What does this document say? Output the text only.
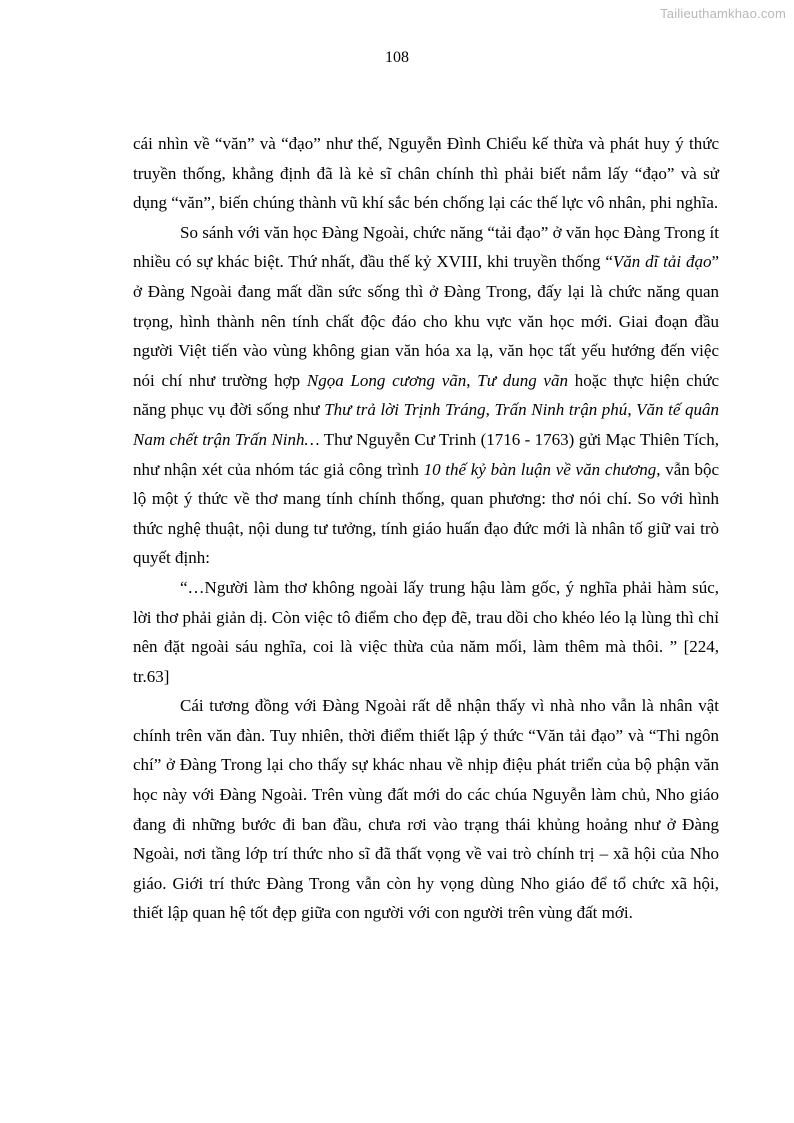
Tailieuthamkhao.com
108

cái nhìn về “văn” và “đạo” như thế, Nguyễn Đình Chiểu kế thừa và phát huy ý thức truyền thống, khẳng định đã là kẻ sĩ chân chính thì phải biết nắm lấy “đạo” và sử dụng “văn”, biến chúng thành vũ khí sắc bén chống lại các thế lực vô nhân, phi nghĩa.

So sánh với văn học Đàng Ngoài, chức năng “tải đạo” ở văn học Đàng Trong ít nhiều có sự khác biệt. Thứ nhất, đầu thế kỷ XVIII, khi truyền thống “Văn dĩ tải đạo” ở Đàng Ngoài đang mất dần sức sống thì ở Đàng Trong, đấy lại là chức năng quan trọng, hình thành nên tính chất độc đáo cho khu vực văn học mới. Giai đoạn đầu người Việt tiến vào vùng không gian văn hóa xa lạ, văn học tất yếu hướng đến việc nói chí như trường hợp Ngọa Long cương vãn, Tư dung vãn hoặc thực hiện chức năng phục vụ đời sống như Thư trả lời Trịnh Tráng, Trấn Ninh trận phú, Văn tế quân Nam chết trận Trấn Ninh… Thư Nguyễn Cư Trinh (1716 - 1763) gửi Mạc Thiên Tích, như nhận xét của nhóm tác giả công trình 10 thế kỷ bàn luận về văn chương, vẫn bộc lộ một ý thức về thơ mang tính chính thống, quan phương: thơ nói chí. So với hình thức nghệ thuật, nội dung tư tưởng, tính giáo huấn đạo đức mới là nhân tố giữ vai trò quyết định:

“…Người làm thơ không ngoài lấy trung hậu làm gốc, ý nghĩa phải hàm súc, lời thơ phải giản dị. Còn việc tô điểm cho đẹp đẽ, trau dồi cho khéo léo lạ lùng thì chỉ nên đặt ngoài sáu nghĩa, coi là việc thừa của năm mối, làm thêm mà thôi. ” [224, tr.63]

Cái tương đồng với Đàng Ngoài rất dễ nhận thấy vì nhà nho vẫn là nhân vật chính trên văn đàn. Tuy nhiên, thời điểm thiết lập ý thức “Văn tải đạo” và “Thi ngôn chí” ở Đàng Trong lại cho thấy sự khác nhau về nhịp điệu phát triển của bộ phận văn học này với Đàng Ngoài. Trên vùng đất mới do các chúa Nguyễn làm chủ, Nho giáo đang đi những bước đi ban đầu, chưa rơi vào trạng thái khủng hoảng như ở Đàng Ngoài, nơi tầng lớp trí thức nho sĩ đã thất vọng về vai trò chính trị – xã hội của Nho giáo. Giới trí thức Đàng Trong vẫn còn hy vọng dùng Nho giáo để tổ chức xã hội, thiết lập quan hệ tốt đẹp giữa con người với con người trên vùng đất mới.
